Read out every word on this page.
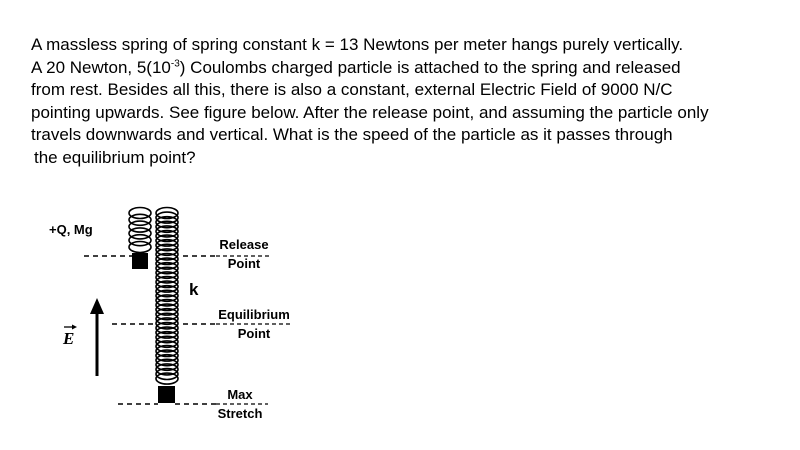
A massless spring of spring constant k = 13 Newtons per meter hangs purely vertically.
A 20 Newton, $5(10^{-3})$ Coulombs charged particle is attached to the spring and released
from rest. Besides all this, there is also a constant, external Electric Field of 9000 N/C
pointing upwards. See figure below. After the release point, and assuming the particle only
travels downwards and vertical. What is the speed of the particle as it passes through
the equilibrium point?
+Q, Mg
k
E
Release
Point
Equilibrium
Point
Max
Stretch
